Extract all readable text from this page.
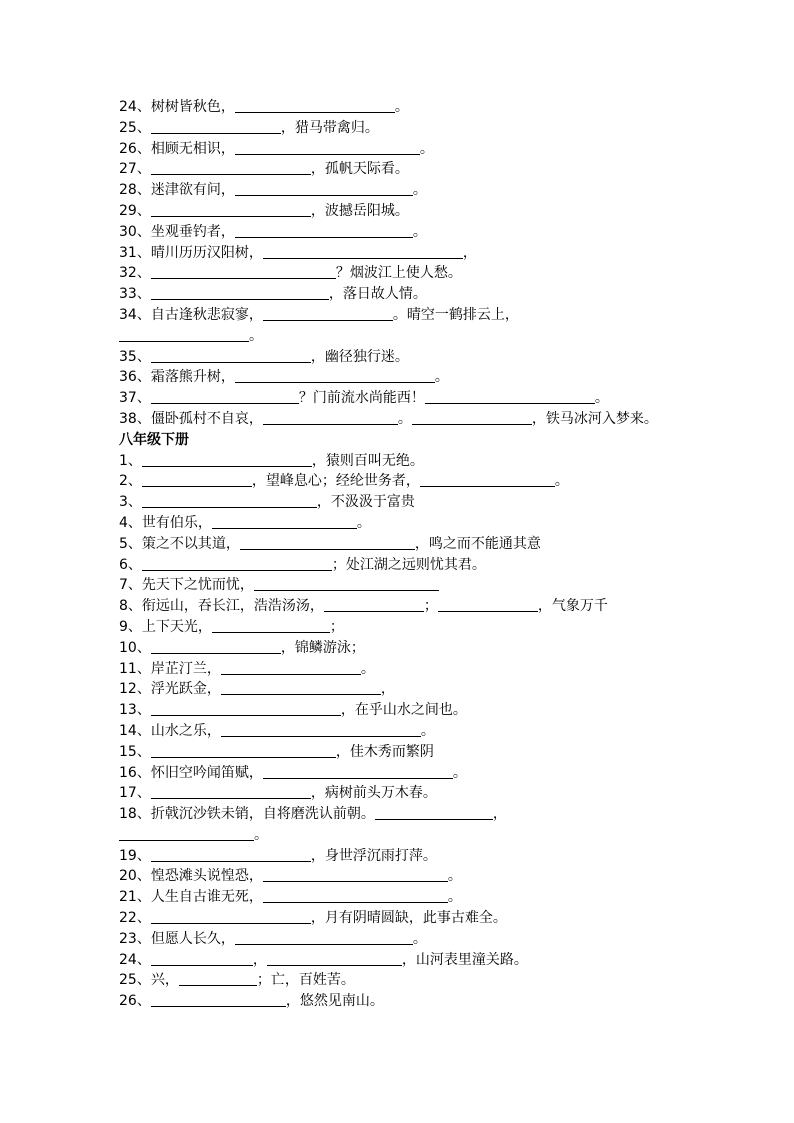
24、树树皆秋色，	。
25、	，猎马带禽归。
26、相顾无相识，	。
27、	，孤帆天际看。
28、迷津欲有问，	。
29、	，波撼岳阳城。
30、坐观垂钓者，	。
31、晴川历历汉阳树，	，
32、	？烟波江上使人愁。
33、	，落日故人情。
34、自古逢秋悲寂寥，	。晴空一鹤排云上，
。
35、	，幽径独行迷。
36、霜落熊升树，	。
37、	？门前流水尚能西！	。
38、僵卧孤村不自哀，	。	，铁马冰河入梦来。
八年级下册
1、	，猿则百叫无绝。
2、	，望峰息心；经纶世务者，	。
3、	，不汲汲于富贵
4、世有伯乐，	。
5、策之不以其道，	，鸣之而不能通其意
6、	；处江湖之远则忧其君。
7、先天下之忧而忧，
8、衔远山，吞长江，浩浩汤汤，	；	，气象万千
9、上下天光，	；
10、	，锦鳞游泳；
11、岸芷汀兰，	。
12、浮光跃金，	，
13、	，在乎山水之间也。
14、山水之乐，	。
15、	，佳木秀而繁阴
16、怀旧空吟闻笛赋，	。
17、	，病树前头万木春。
18、折戟沉沙铁未销，自将磨洗认前朝。	，
。
19、	，身世浮沉雨打萍。
20、惶恐滩头说惶恐，	。
21、人生自古谁无死，	。
22、	，月有阴晴圆缺，此事古难全。
23、但愿人长久，	。
24、	，	，山河表里潼关路。
25、兴，	；亡，百姓苦。
26、	，悠然见南山。
